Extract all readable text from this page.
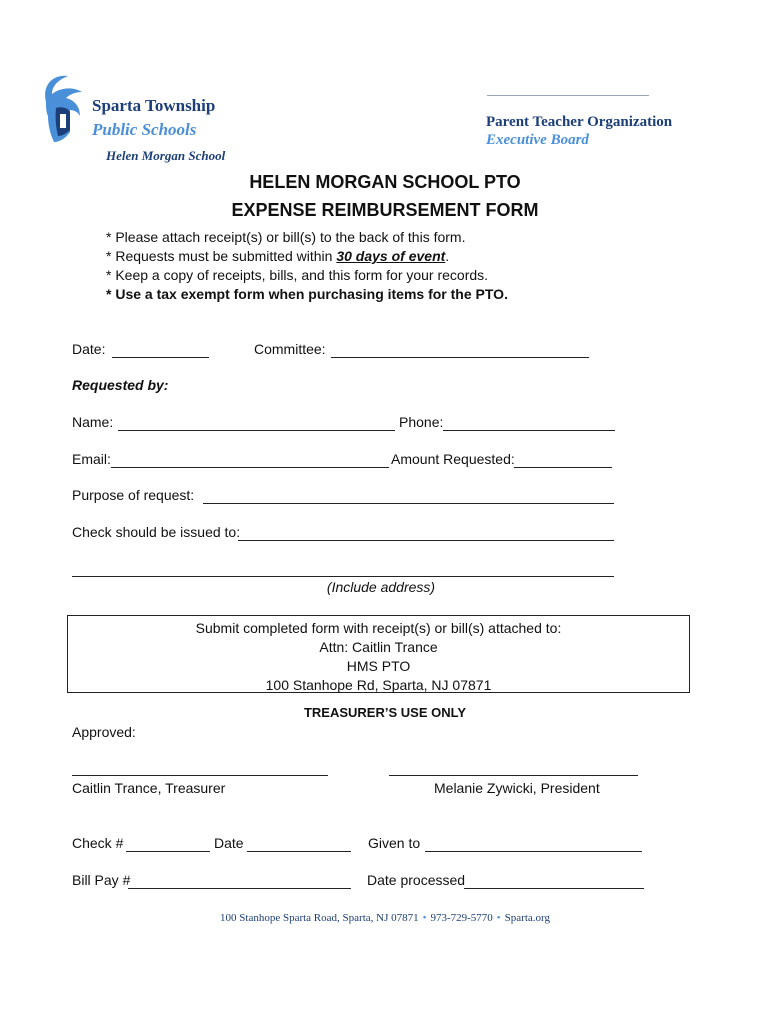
Sparta Township
Public Schools
Helen Morgan School
Parent Teacher Organization
Executive Board
HELEN MORGAN SCHOOL PTO
EXPENSE REIMBURSEMENT FORM
* Please attach receipt(s) or bill(s) to the back of this form.
* Requests must be submitted within 30 days of event.
* Keep a copy of receipts, bills, and this form for your records.
* Use a tax exempt form when purchasing items for the PTO.
Date:	Committee:
Requested by:
Name:	Phone:
Email:	Amount Requested:
Purpose of request:
Check should be issued to:
(Include address)
Submit completed form with receipt(s) or bill(s) attached to:
Attn: Caitlin Trance
HMS PTO
100 Stanhope Rd, Sparta, NJ 07871
TREASURER’S USE ONLY
Approved:
Caitlin Trance, Treasurer	Melanie Zywicki, President
Check #	Date	Given to
Bill Pay #	Date processed
100 Stanhope Sparta Road, Sparta, NJ 07871 • 973-729-5770 • Sparta.org
